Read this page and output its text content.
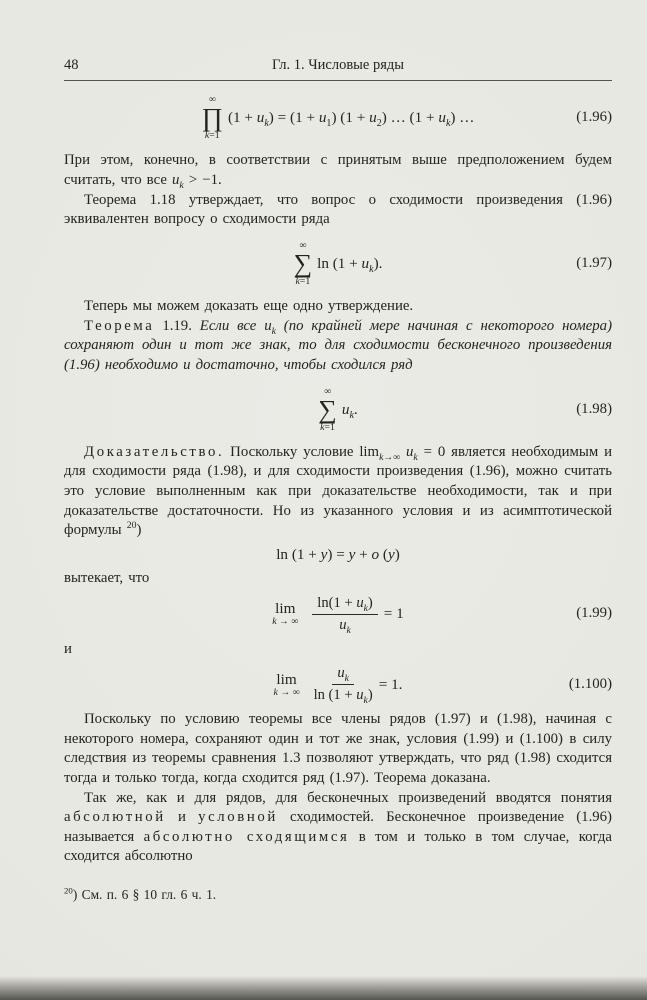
48	Гл. 1. Числовые ряды
∞
∏
k=1
$(1 + u_k) = (1 + u_1)$ $(1 + u_2)$ … $(1 + u_k)$ …	(1.96)

При этом, конечно, в соответствии с принятым выше предположением будем считать, что все $u_k > -1$.

Теорема 1.18 утверждает, что вопрос о сходимости произведения (1.96) эквивалентен вопросу о сходимости ряда

∞
∑
k=1
$\ln (1 + u_k)$.	(1.97)

Теперь мы можем доказать еще одно утверждение.

Теорема 1.19. Если все $u_k$ (по крайней мере начиная с некоторого номера) сохраняют один и тот же знак, то для сходимости бесконечного произведения (1.96) необходимо и достаточно, чтобы сходился ряд

∞
∑
k=1
$u_k$.	(1.98)

Доказательство. Поскольку условие $\lim_{k\to\infty} u_k = 0$ является необходимым и для сходимости ряда (1.98), и для сходимости произведения (1.96), можно считать это условие выполненным как при доказательстве необходимости, так и при доказательстве достаточности. Но из указанного условия и из асимптотической формулы $^{20}$)

ln (1 + y) = y + o (y)

вытекает, что

lim
k → ∞ $\frac{\ln(1 + u_k)}{u_k} = 1$	(1.99)

и

lim
k → ∞ $\frac{u_k}{\ln (1 + u_k)} = 1$.	(1.100)

Поскольку по условию теоремы все члены рядов (1.97) и (1.98), начиная с некоторого номера, сохраняют один и тот же знак, условия (1.99) и (1.100) в силу следствия из теоремы сравнения 1.3 позволяют утверждать, что ряд (1.98) сходится тогда и только тогда, когда сходится ряд (1.97). Теорема доказана.

Так же, как и для рядов, для бесконечных произведений вводятся понятия абсолютной и условной сходимостей. Бесконечное произведение (1.96) называется абсолютно сходящимся в том и только в том случае, когда сходится абсолютно

$^{20}$) См. п. 6 § 10 гл. 6 ч. 1.
